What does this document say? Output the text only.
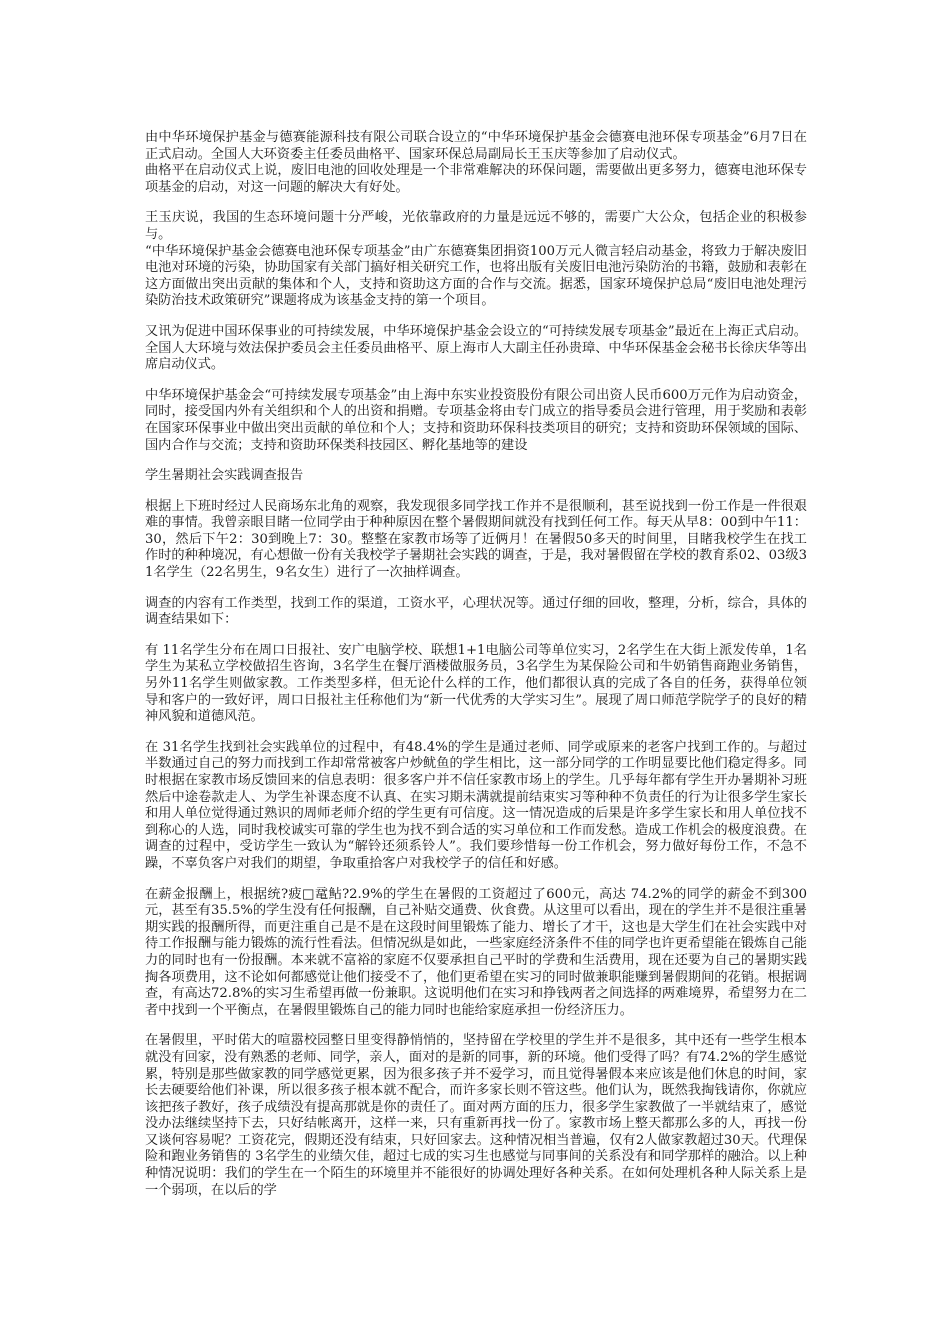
由中华环境保护基金与德赛能源科技有限公司联合设立的“中华环境保护基金会德赛电池环保专项基金”6月7日在正式启动。全国人大环资委主任委员曲格平、国家环保总局副局长王玉庆等参加了启动仪式。

曲格平在启动仪式上说，废旧电池的回收处理是一个非常难解决的环保问题，需要做出更多努力，德赛电池环保专项基金的启动，对这一问题的解决大有好处。

王玉庆说，我国的生态环境问题十分严峻，光依靠政府的力量是远远不够的，需要广大公众，包括企业的积极参与。

“中华环境保护基金会德赛电池环保专项基金”由广东德赛集团捐资100万元人微言轻启动基金，将致力于解决废旧电池对环境的污染，协助国家有关部门搞好相关研究工作，也将出版有关废旧电池污染防治的书籍，鼓励和表彰在这方面做出突出贡献的集体和个人，支持和资助这方面的合作与交流。据悉，国家环境保护总局“废旧电池处理污染防治技术政策研究”课题将成为该基金支持的第一个项目。

又讯为促进中国环保事业的可持续发展，中华环境保护基金会设立的“可持续发展专项基金”最近在上海正式启动。全国人大环境与效法保护委员会主任委员曲格平、原上海市人大副主任孙贵璋、中华环保基金会秘书长徐庆华等出席启动仪式。

中华环境保护基金会“可持续发展专项基金”由上海中东实业投资股份有限公司出资人民币600万元作为启动资金，同时，接受国内外有关组织和个人的出资和捐赠。专项基金将由专门成立的指导委员会进行管理，用于奖励和表彰在国家环保事业中做出突出贡献的单位和个人；支持和资助环保科技类项目的研究；支持和资助环保领域的国际、国内合作与交流；支持和资助环保类科技园区、孵化基地等的建设

学生暑期社会实践调查报告

根据上下班时经过人民商场东北角的观察，我发现很多同学找工作并不是很顺利，甚至说找到一份工作是一件很艰难的事情。我曾亲眼目睹一位同学由于种种原因在整个暑假期间就没有找到任何工作。每天从早8：00到中午11：30，然后下午2：30到晚上7：30。整整在家教市场等了近俩月！在暑假50多天的时间里，目睹我校学生在找工作时的种种境况，有心想做一份有关我校学子暑期社会实践的调查，于是，我对暑假留在学校的教育系02、03级31名学生（22名男生，9名女生）进行了一次抽样调查。

调查的内容有工作类型，找到工作的渠道，工资水平，心理状况等。通过仔细的回收，整理，分析，综合，具体的调查结果如下：

有 11名学生分布在周口日报社、安广电脑学校、联想1+1电脑公司等单位实习，2名学生在大街上派发传单，1名学生为某私立学校做招生咨询，3名学生在餐厅酒楼做服务员，3名学生为某保险公司和牛奶销售商跑业务销售，另外11名学生则做家教。工作类型多样，但无论什么样的工作，他们都很认真的完成了各自的任务，获得单位领导和客户的一致好评，周口日报社主任称他们为“新一代优秀的大学实习生”。展现了周口师范学院学子的良好的精神风貌和道德风范。

在 31名学生找到社会实践单位的过程中，有48.4%的学生是通过老师、同学或原来的老客户找到工作的。与超过半数通过自己的努力而找到工作却常常被客户炒鱿鱼的学生相比，这一部分同学的工作明显要比他们稳定得多。同时根据在家教市场反馈回来的信息表明：很多客户并不信任家教市场上的学生。几乎每年都有学生开办暑期补习班然后中途卷款走人、为学生补课态度不认真、在实习期未满就提前结束实习等种种不负责任的行为让很多学生家长和用人单位觉得通过熟识的周师老师介绍的学生更有可信度。这一情况造成的后果是许多学生家长和用人单位找不到称心的人选，同时我校诚实可靠的学生也为找不到合适的实习单位和工作而发愁。造成工作机会的极度浪费。在调查的过程中，受访学生一致认为“解铃还须系铃人”。我们要珍惜每一份工作机会，努力做好每份工作，不急不躁，不辜负客户对我们的期望，争取重拾客户对我校学子的信任和好感。

在薪金报酬上，根据统?疲□鼋鲇?2.9%的学生在暑假的工资超过了600元，高达 74.2%的同学的薪金不到300元，甚至有35.5%的学生没有任何报酬，自己补贴交通费、伙食费。从这里可以看出，现在的学生并不是很注重暑期实践的报酬所得，而更注重自己是不是在这段时间里锻炼了能力、增长了才干，这也是大学生们在社会实践中对待工作报酬与能力锻炼的流行性看法。但情况纵是如此，一些家庭经济条件不佳的同学也许更希望能在锻炼自己能力的同时也有一份报酬。本来就不富裕的家庭不仅要承担自己平时的学费和生活费用，现在还要为自己的暑期实践掏各项费用，这不论如何都感觉让他们接受不了，他们更希望在实习的同时做兼职能赚到暑假期间的花销。根据调查，有高达72.8%的实习生希望再做一份兼职。这说明他们在实习和挣钱两者之间选择的两难境界，希望努力在二者中找到一个平衡点，在暑假里锻炼自己的能力同时也能给家庭承担一份经济压力。

在暑假里，平时偌大的喧嚣校园整日里变得静悄悄的，坚持留在学校里的学生并不是很多，其中还有一些学生根本就没有回家，没有熟悉的老师、同学，亲人，面对的是新的同事，新的环境。他们受得了吗？有74.2%的学生感觉累，特别是那些做家教的同学感觉更累，因为很多孩子并不爱学习，而且觉得暑假本来应该是他们休息的时间，家长去硬要给他们补课，所以很多孩子根本就不配合，而许多家长则不管这些。他们认为，既然我掏钱请你，你就应该把孩子教好，孩子成绩没有提高那就是你的责任了。面对两方面的压力，很多学生家教做了一半就结束了，感觉没办法继续坚持下去，只好结帐离开，这样一来，只有重新再找一份了。家教市场上整天都那么多的人，再找一份又谈何容易呢？工资花完，假期还没有结束，只好回家去。这种情况相当普遍，仅有2人做家教超过30天。代理保险和跑业务销售的 3名学生的业绩欠佳，超过七成的实习生也感觉与同事间的关系没有和同学那样的融洽。以上种种情况说明：我们的学生在一个陌生的环境里并不能很好的协调处理好各种关系。在如何处理机各种人际关系上是一个弱项，在以后的学
